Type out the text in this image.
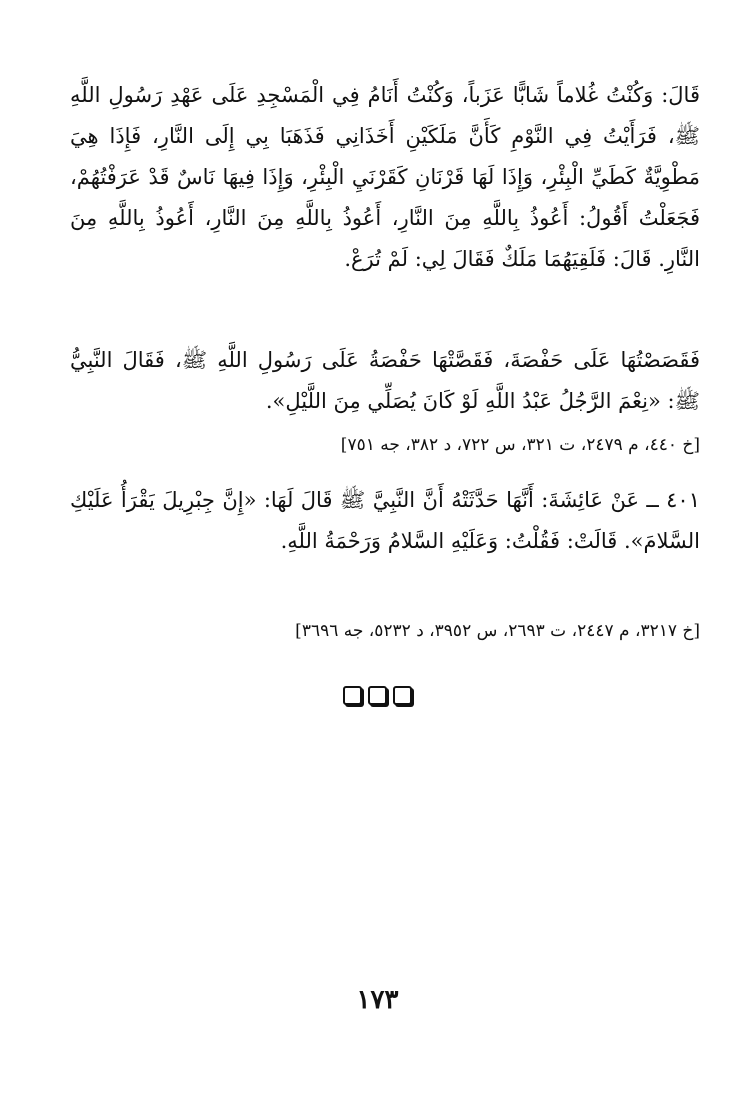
قَالَ: وَكُنْتُ غُلاماً شَابًّا عَزَباً، وَكُنْتُ أَنَامُ فِي الْمَسْجِدِ عَلَى عَهْدِ رَسُولِ اللَّهِ ﷺ، فَرَأَيْتُ فِي النَّوْمِ كَأَنَّ مَلَكَيْنِ أَخَذَانِي فَذَهَبَا بِي إِلَى النَّارِ، فَإِذَا هِيَ مَطْوِيَّةٌ كَطَيِّ الْبِئْرِ، وَإِذَا لَهَا قَرْنَانِ كَقَرْنَيِ الْبِئْرِ، وَإِذَا فِيهَا نَاسٌ قَدْ عَرَفْتُهُمْ، فَجَعَلْتُ أَقُولُ: أَعُوذُ بِاللَّهِ مِنَ النَّارِ، أَعُوذُ بِاللَّهِ مِنَ النَّارِ، أَعُوذُ بِاللَّهِ مِنَ النَّارِ. قَالَ: فَلَقِيَهُمَا مَلَكٌ فَقَالَ لِي: لَمْ تُرَعْ.

فَقَصَصْتُهَا عَلَى حَفْصَةَ، فَقَصَّتْهَا حَفْصَةُ عَلَى رَسُولِ اللَّهِ ﷺ، فَقَالَ النَّبِيُّ ﷺ: «نِعْمَ الرَّجُلُ عَبْدُ اللَّهِ لَوْ كَانَ يُصَلِّي مِنَ اللَّيْلِ».

[خ ٤٤٠، م ٢٤٧٩، ت ٣٢١، س ٧٢٢، د ٣٨٢، جه ٧٥١]

٤٠١ ــ عَنْ عَائِشَةَ: أَنَّهَا حَدَّثَتْهُ أَنَّ النَّبِيَّ ﷺ قَالَ لَهَا: «إِنَّ جِبْرِيلَ يَقْرَأُ عَلَيْكِ السَّلامَ». قَالَتْ: فَقُلْتُ: وَعَلَيْهِ السَّلامُ وَرَحْمَةُ اللَّهِ.

[خ ٣٢١٧، م ٢٤٤٧، ت ٢٦٩٣، س ٣٩٥٢، د ٥٢٣٢، جه ٣٦٩٦]

١٧٣
